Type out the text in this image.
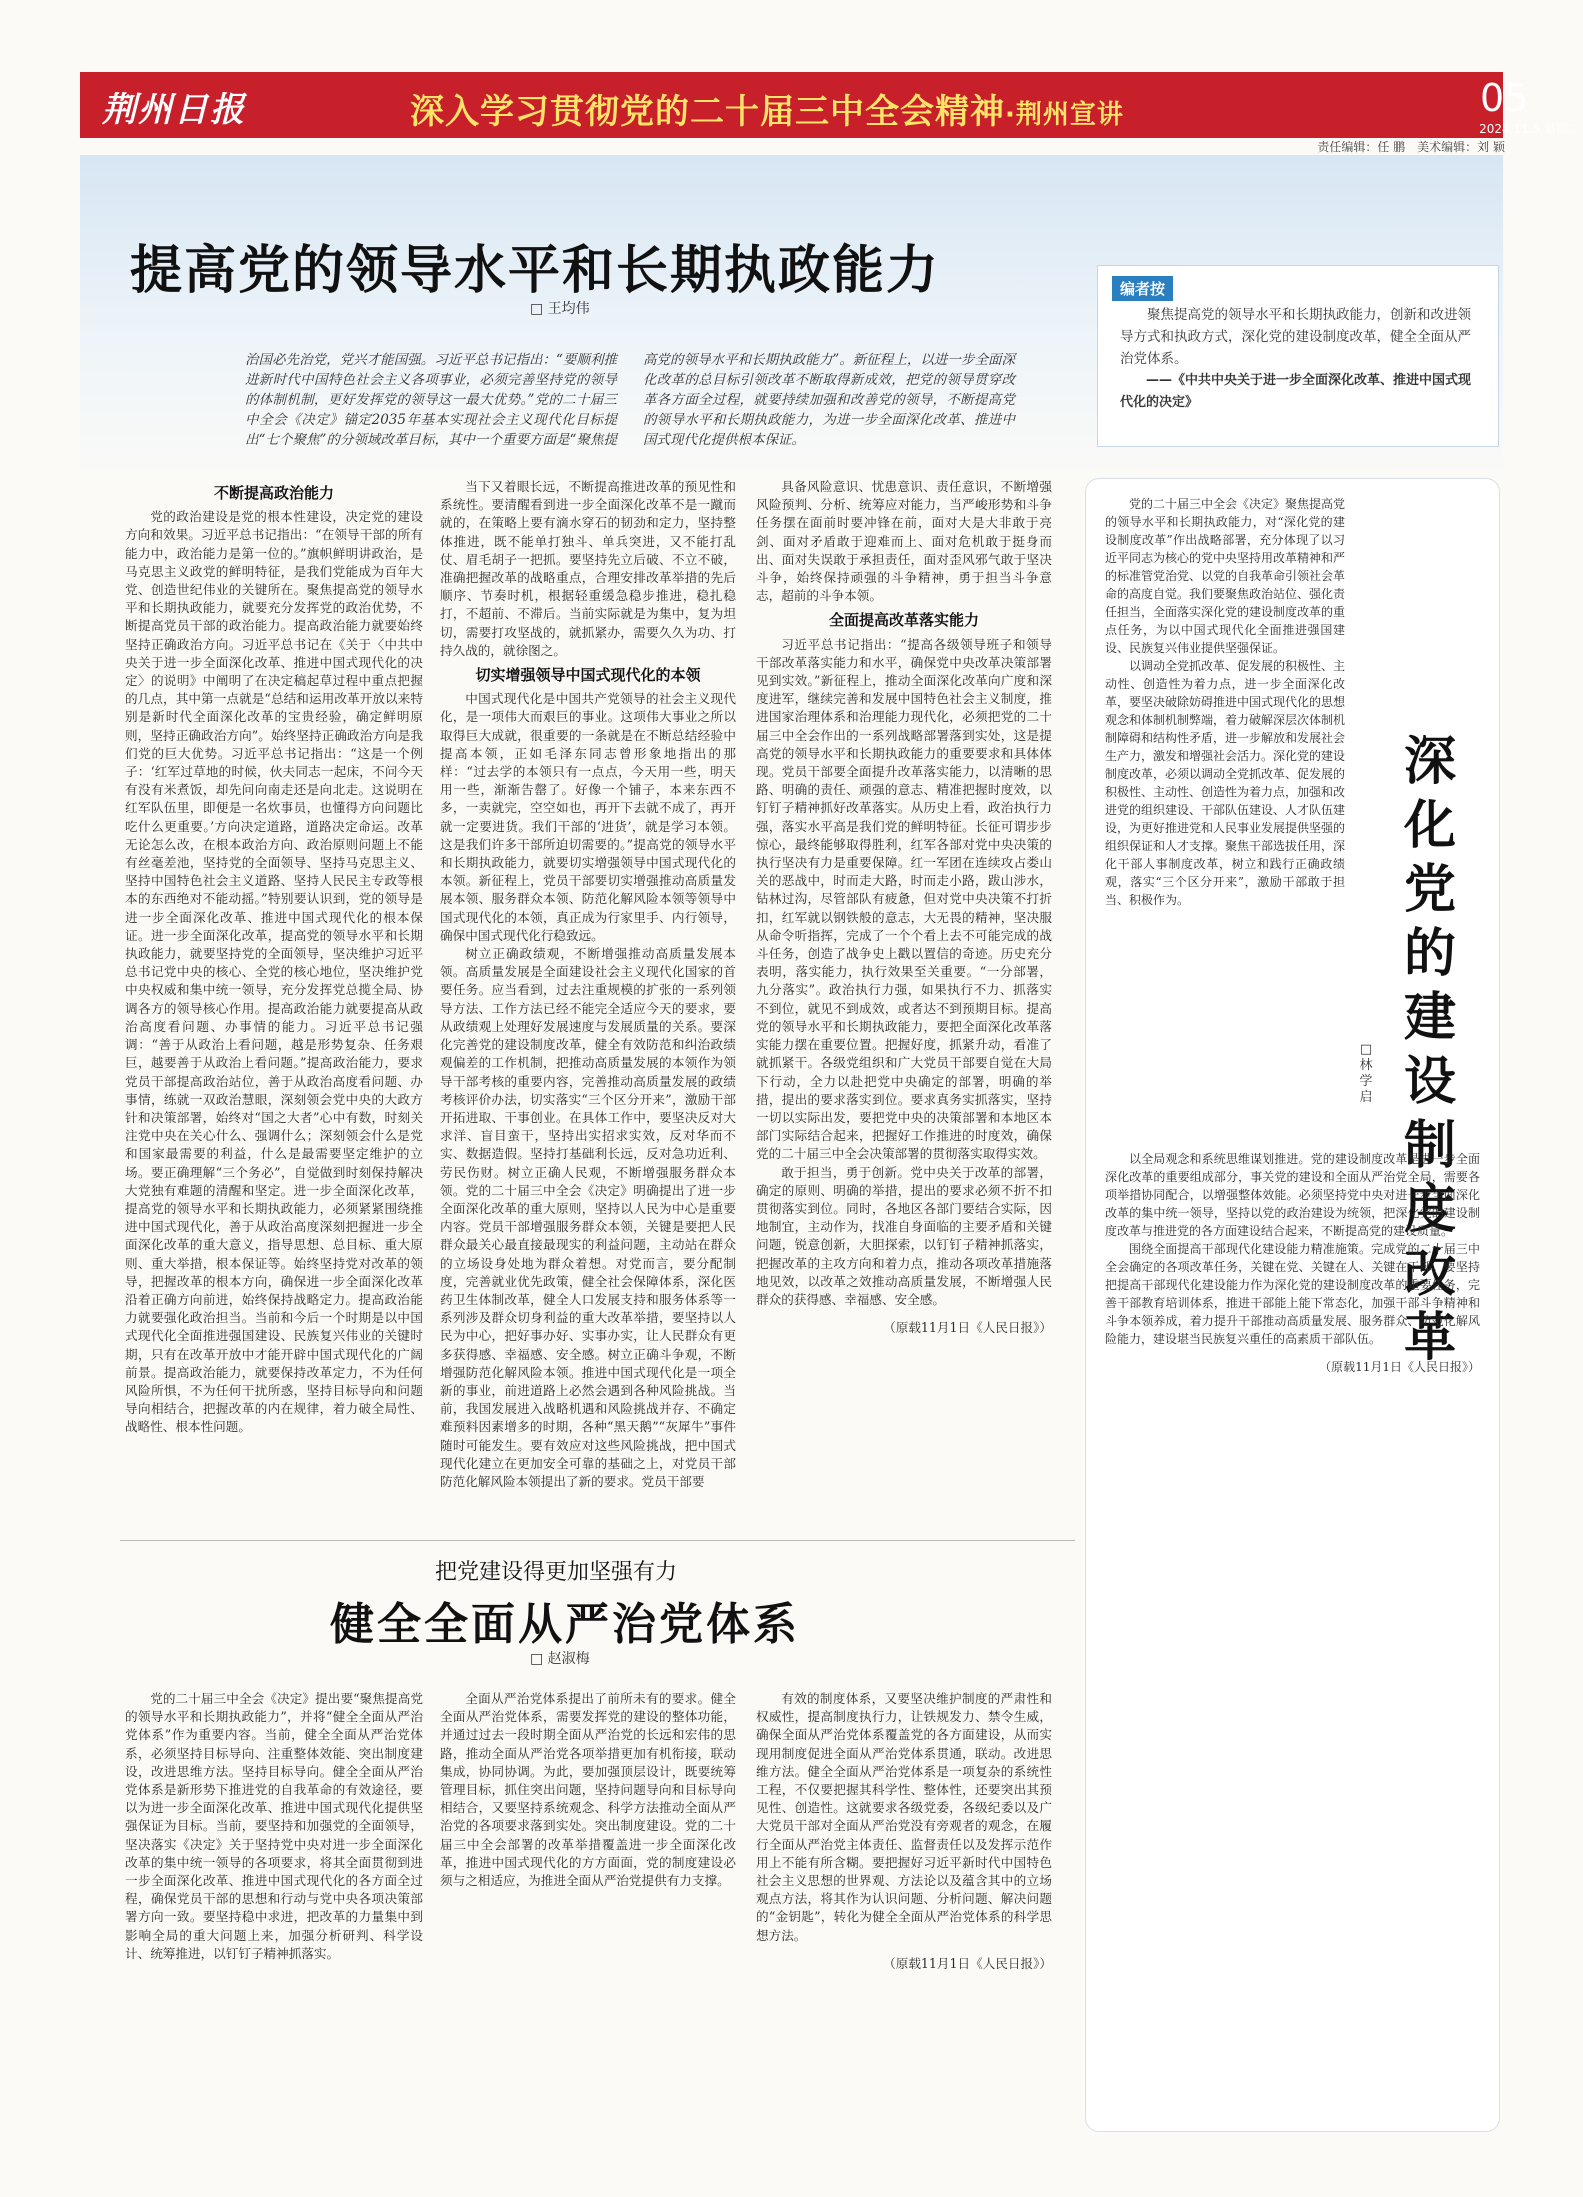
荆州日报	深入学习贯彻党的二十届三中全会精神·荆州宣讲	05
2024.11.5 星期二
责任编辑：任 鹏　美术编辑：刘 颖
提高党的领导水平和长期执政能力
□ 王均伟
治国必先治党，党兴才能国强。习近平总书记指出：“要顺利推进新时代中国特色社会主义各项事业，必须完善坚持党的领导的体制机制，更好发挥党的领导这一最大优势。”党的二十届三中全会《决定》锚定2035年基本实现社会主义现代化目标提出“七个聚焦”的分领域改革目标，其中一个重要方面是“聚焦提高党的领导水平和长期执政能力”。新征程上，以进一步全面深化改革的总目标引领改革不断取得新成效，把党的领导贯穿改革各方面全过程，就要持续加强和改善党的领导，不断提高党的领导水平和长期执政能力，为进一步全面深化改革、推进中国式现代化提供根本保证。

不断提高政治能力

党的政治建设是党的根本性建设，决定党的建设方向和效果。习近平总书记指出：“在领导干部的所有能力中，政治能力是第一位的。”旗帜鲜明讲政治，是马克思主义政党的鲜明特征，是我们党能成为百年大党、创造世纪伟业的关键所在。聚焦提高党的领导水平和长期执政能力，就要充分发挥党的政治优势，不断提高党员干部的政治能力。提高政治能力就要始终坚持正确政治方向。习近平总书记在《关于〈中共中央关于进一步全面深化改革、推进中国式现代化的决定〉的说明》中阐明了在决定稿起草过程中重点把握的几点，其中第一点就是“总结和运用改革开放以来特别是新时代全面深化改革的宝贵经验，确定鲜明原则，坚持正确政治方向”。始终坚持正确政治方向是我们党的巨大优势。习近平总书记指出：“这是一个例子：‘红军过草地的时候，伙夫同志一起床，不问今天有没有米煮饭，却先问向南走还是向北走。这说明在红军队伍里，即便是一名炊事员，也懂得方向问题比吃什么更重要。’方向决定道路，道路决定命运。改革无论怎么改，在根本政治方向、政治原则问题上不能有丝毫差池，坚持党的全面领导、坚持马克思主义、坚持中国特色社会主义道路、坚持人民民主专政等根本的东西绝对不能动摇。”特别要认识到，党的领导是进一步全面深化改革、推进中国式现代化的根本保证。进一步全面深化改革，提高党的领导水平和长期执政能力，就要坚持党的全面领导，坚决维护习近平总书记党中央的核心、全党的核心地位，坚决维护党中央权威和集中统一领导，充分发挥党总揽全局、协调各方的领导核心作用。提高政治能力就要提高从政治高度看问题、办事情的能力。习近平总书记强调：“善于从政治上看问题，越是形势复杂、任务艰巨，越要善于从政治上看问题。”提高政治能力，要求党员干部提高政治站位，善于从政治高度看问题、办事情，练就一双政治慧眼，深刻领会党中央的大政方针和决策部署，始终对“国之大者”心中有数，时刻关注党中央在关心什么、强调什么；深刻领会什么是党和国家最需要的利益，什么是最需要坚定维护的立场。要正确理解“三个务必”，自觉做到时刻保持解决大党独有难题的清醒和坚定。进一步全面深化改革，提高党的领导水平和长期执政能力，必须紧紧围绕推进中国式现代化，善于从政治高度深刻把握进一步全面深化改革的重大意义，指导思想、总目标、重大原则、重大举措，根本保证等。始终坚持党对改革的领导，把握改革的根本方向，确保进一步全面深化改革沿着正确方向前进，始终保持战略定力。提高政治能力就要强化政治担当。当前和今后一个时期是以中国式现代化全面推进强国建设、民族复兴伟业的关键时期，只有在改革开放中才能开辟中国式现代化的广阔前景。提高政治能力，就要保持改革定力，不为任何风险所惧，不为任何干扰所惑，坚持目标导向和问题导向相结合，把握改革的内在规律，着力破全局性、战略性、根本性问题。

当下又着眼长远，不断提高推进改革的预见性和系统性。要清醒看到进一步全面深化改革不是一蹴而就的，在策略上要有滴水穿石的韧劲和定力，坚持整体推进，既不能单打独斗、单兵突进，又不能打乱仗、眉毛胡子一把抓。要坚持先立后破、不立不破，准确把握改革的战略重点，合理安排改革举措的先后顺序、节奏时机，根据轻重缓急稳步推进，稳扎稳打，不超前、不滞后。当前实际就是为集中，复为坦切，需要打攻坚战的，就抓紧办，需要久久为功、打持久战的，就徐图之。

切实增强领导中国式现代化的本领

中国式现代化是中国共产党领导的社会主义现代化，是一项伟大而艰巨的事业。这项伟大事业之所以取得巨大成就，很重要的一条就是在不断总结经验中提高本领，正如毛泽东同志曾形象地指出的那样：“过去学的本领只有一点点，今天用一些，明天用一些，渐渐告罄了。好像一个铺子，本来东西不多，一卖就完，空空如也，再开下去就不成了，再开就一定要进货。我们干部的‘进货’，就是学习本领。这是我们许多干部所迫切需要的。”提高党的领导水平和长期执政能力，就要切实增强领导中国式现代化的本领。新征程上，党员干部要切实增强推动高质量发展本领、服务群众本领、防范化解风险本领等领导中国式现代化的本领，真正成为行家里手、内行领导，确保中国式现代化行稳致远。

树立正确政绩观，不断增强推动高质量发展本领。高质量发展是全面建设社会主义现代化国家的首要任务。应当看到，过去注重规模的扩张的一系列领导方法、工作方法已经不能完全适应今天的要求，要从政绩观上处理好发展速度与发展质量的关系。要深化完善党的建设制度改革，健全有效防范和纠治政绩观偏差的工作机制，把推动高质量发展的本领作为领导干部考核的重要内容，完善推动高质量发展的政绩考核评价办法，切实落实“三个区分开来”，激励干部开拓进取、干事创业。在具体工作中，要坚决反对大求洋、盲目蛮干，坚持出实招求实效，反对华而不实、数据造假。坚持打基础利长远，反对急功近利、劳民伤财。树立正确人民观，不断增强服务群众本领。党的二十届三中全会《决定》明确提出了进一步全面深化改革的重大原则，坚持以人民为中心是重要内容。党员干部增强服务群众本领，关键是要把人民群众最关心最直接最现实的利益问题，主动站在群众的立场设身处地为群众着想。对党而言，要分配制度，完善就业优先政策，健全社会保障体系，深化医药卫生体制改革，健全人口发展支持和服务体系等一系列涉及群众切身利益的重大改革举措，要坚持以人民为中心，把好事办好、实事办实，让人民群众有更多获得感、幸福感、安全感。树立正确斗争观，不断增强防范化解风险本领。推进中国式现代化是一项全新的事业，前进道路上必然会遇到各种风险挑战。当前，我国发展进入战略机遇和风险挑战并存、不确定难预料因素增多的时期，各种“黑天鹅”“灰犀牛”事件随时可能发生。要有效应对这些风险挑战，把中国式现代化建立在更加安全可靠的基础之上，对党员干部防范化解风险本领提出了新的要求。党员干部要

具备风险意识、忧患意识、责任意识，不断增强风险预判、分析、统筹应对能力，当严峻形势和斗争任务摆在面前时要冲锋在前，面对大是大非敢于亮剑、面对矛盾敢于迎难而上、面对危机敢于挺身而出、面对失误敢于承担责任，面对歪风邪气敢于坚决斗争，始终保持顽强的斗争精神，勇于担当斗争意志，超前的斗争本领。

全面提高改革落实能力

习近平总书记指出：“提高各级领导班子和领导干部改革落实能力和水平，确保党中央改革决策部署见到实效。”新征程上，推动全面深化改革向广度和深度进军，继续完善和发展中国特色社会主义制度，推进国家治理体系和治理能力现代化，必须把党的二十届三中全会作出的一系列战略部署落到实处，这是提高党的领导水平和长期执政能力的重要要求和具体体现。党员干部要全面提升改革落实能力，以清晰的思路、明确的责任、顽强的意志、精准把握时度效，以钉钉子精神抓好改革落实。从历史上看，政治执行力强，落实水平高是我们党的鲜明特征。长征可谓步步惊心，最终能够取得胜利，红军各部对党中央决策的执行坚决有力是重要保障。红一军团在连续攻占娄山关的恶战中，时而走大路，时而走小路，跋山涉水，钻林过沟，尽管部队有疲惫，但对党中央决策不打折扣，红军就以钢铁般的意志，大无畏的精神，坚决服从命令听指挥，完成了一个个看上去不可能完成的战斗任务，创造了战争史上戳以置信的奇迹。历史充分表明，落实能力，执行效果至关重要。“一分部署，九分落实”。政治执行力强，如果执行不力、抓落实不到位，就见不到成效，或者达不到预期目标。提高党的领导水平和长期执政能力，要把全面深化改革落实能力摆在重要位置。把握好度，抓紧升动，看准了就抓紧干。各级党组织和广大党员干部要自觉在大局下行动，全力以赴把党中央确定的部署，明确的举措，提出的要求落实到位。要求真务实抓落实，坚持一切以实际出发，要把党中央的决策部署和本地区本部门实际结合起来，把握好工作推进的时度效，确保党的二十届三中全会决策部署的贯彻落实取得实效。

敢于担当，勇于创新。党中央关于改革的部署，确定的原则、明确的举措，提出的要求必须不折不扣贯彻落实到位。同时，各地区各部门要结合实际，因地制宜，主动作为，找准自身面临的主要矛盾和关键问题，锐意创新，大胆探索，以钉钉子精神抓落实，把握改革的主攻方向和着力点，推动各项改革措施落地见效，以改革之效推动高质量发展，不断增强人民群众的获得感、幸福感、安全感。

（原载11月1日《人民日报》）

编者按
聚焦提高党的领导水平和长期执政能力，创新和改进领导方式和执政方式，深化党的建设制度改革，健全全面从严治党体系。
——《中共中央关于进一步全面深化改革、推进中国式现代化的决定》

党的二十届三中全会《决定》聚焦提高党的领导水平和长期执政能力，对“深化党的建设制度改革”作出战略部署，充分体现了以习近平同志为核心的党中央坚持用改革精神和严的标准管党治党、以党的自我革命引领社会革命的高度自觉。我们要聚焦政治站位、强化责任担当，全面落实深化党的建设制度改革的重点任务，为以中国式现代化全面推进强国建设、民族复兴伟业提供坚强保证。

以调动全党抓改革、促发展的积极性、主动性、创造性为着力点，进一步全面深化改革，要坚决破除妨碍推进中国式现代化的思想观念和体制机制弊端，着力破解深层次体制机制障碍和结构性矛盾，进一步解放和发展社会生产力，激发和增强社会活力。深化党的建设制度改革，必须以调动全党抓改革、促发展的积极性、主动性、创造性为着力点，加强和改进党的组织建设、干部队伍建设、人才队伍建设，为更好推进党和人民事业发展提供坚强的组织保证和人才支撑。聚焦干部选拔任用，深化干部人事制度改革，树立和践行正确政绩观，落实“三个区分开来”，激励干部敢于担当、积极作为。

深化党的建设制度改革
□ 林学启

以全局观念和系统思维谋划推进。党的建设制度改革是进一步全面深化改革的重要组成部分，事关党的建设和全面从严治党全局，需要各项举措协同配合，以增强整体效能。必须坚持党中央对进一步全面深化改革的集中统一领导，坚持以党的政治建设为统领，把深化党的建设制度改革与推进党的各方面建设结合起来，不断提高党的建设质量。

围绕全面提高干部现代化建设能力精准施策。完成党的二十届三中全会确定的各项改革任务，关键在党、关键在人、关键在干部。要坚持把提高干部现代化建设能力作为深化党的建设制度改革的重要任务，完善干部教育培训体系，推进干部能上能下常态化，加强干部斗争精神和斗争本领养成，着力提升干部推动高质量发展、服务群众、防范化解风险能力，建设堪当民族复兴重任的高素质干部队伍。

（原载11月1日《人民日报》）

把党建设得更加坚强有力
健全全面从严治党体系
□ 赵淑梅

党的二十届三中全会《决定》提出要“聚焦提高党的领导水平和长期执政能力”，并将“健全全面从严治党体系”作为重要内容。当前，健全全面从严治党体系，必须坚持目标导向、注重整体效能、突出制度建设，改进思维方法。坚持目标导向。健全全面从严治党体系是新形势下推进党的自我革命的有效途径，要以为进一步全面深化改革、推进中国式现代化提供坚强保证为目标。当前，要坚持和加强党的全面领导，坚决落实《决定》关于坚持党中央对进一步全面深化改革的集中统一领导的各项要求，将其全面贯彻到进一步全面深化改革、推进中国式现代化的各方面全过程，确保党员干部的思想和行动与党中央各项决策部署方向一致。要坚持稳中求进，把改革的力量集中到影响全局的重大问题上来，加强分析研判、科学设计、统筹推进，以钉钉子精神抓落实。

全面从严治党体系提出了前所未有的要求。健全全面从严治党体系，需要发挥党的建设的整体功能，并通过过去一段时期全面从严治党的长远和宏伟的思路，推动全面从严治党各项举措更加有机衔接，联动集成，协同协调。为此，要加强顶层设计，既要统筹管理目标，抓住突出问题，坚持问题导向和目标导向相结合，又要坚持系统观念、科学方法推动全面从严治党的各项要求落到实处。突出制度建设。党的二十届三中全会部署的改革举措覆盖进一步全面深化改革，推进中国式现代化的方方面面，党的制度建设必须与之相适应，为推进全面从严治党提供有力支撑。

有效的制度体系，又要坚决维护制度的严肃性和权威性，提高制度执行力，让铁规发力、禁令生威，确保全面从严治党体系覆盖党的各方面建设，从而实现用制度促进全面从严治党体系贯通，联动。改进思维方法。健全全面从严治党体系是一项复杂的系统性工程，不仅要把握其科学性、整体性，还要突出其预见性、创造性。这就要求各级党委，各级纪委以及广大党员干部对全面从严治党没有旁观者的观念，在履行全面从严治党主体责任、监督责任以及发挥示范作用上不能有所含糊。要把握好习近平新时代中国特色社会主义思想的世界观、方法论以及蕴含其中的立场观点方法，将其作为认识问题、分析问题、解决问题的“金钥匙”，转化为健全全面从严治党体系的科学思想方法。

（原载11月1日《人民日报》）
